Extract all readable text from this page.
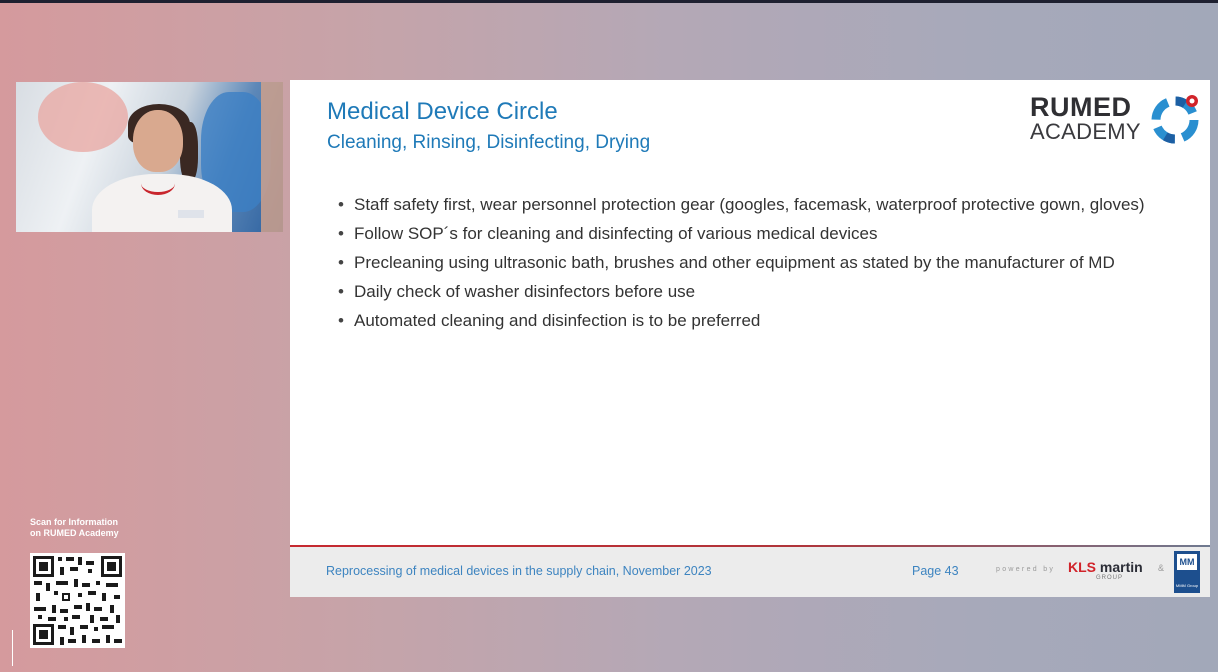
Scan for Information
on RUMED Academy
Medical Device Circle
Cleaning, Rinsing, Disinfecting, Drying
RUMED
ACADEMY
• Staff safety first, wear personnel protection gear (googles, facemask, waterproof protective gown, gloves)
• Follow SOP´s for cleaning and disinfecting of various medical devices
• Precleaning using ultrasonic bath, brushes and other equipment as stated by the manufacturer of MD
• Daily check of washer disinfectors before use
• Automated cleaning and disinfection is to be preferred
Reprocessing of medical devices in the supply chain, November 2023	Page 43	powered by KLS martin
GROUP
&
MM
MMM Group
